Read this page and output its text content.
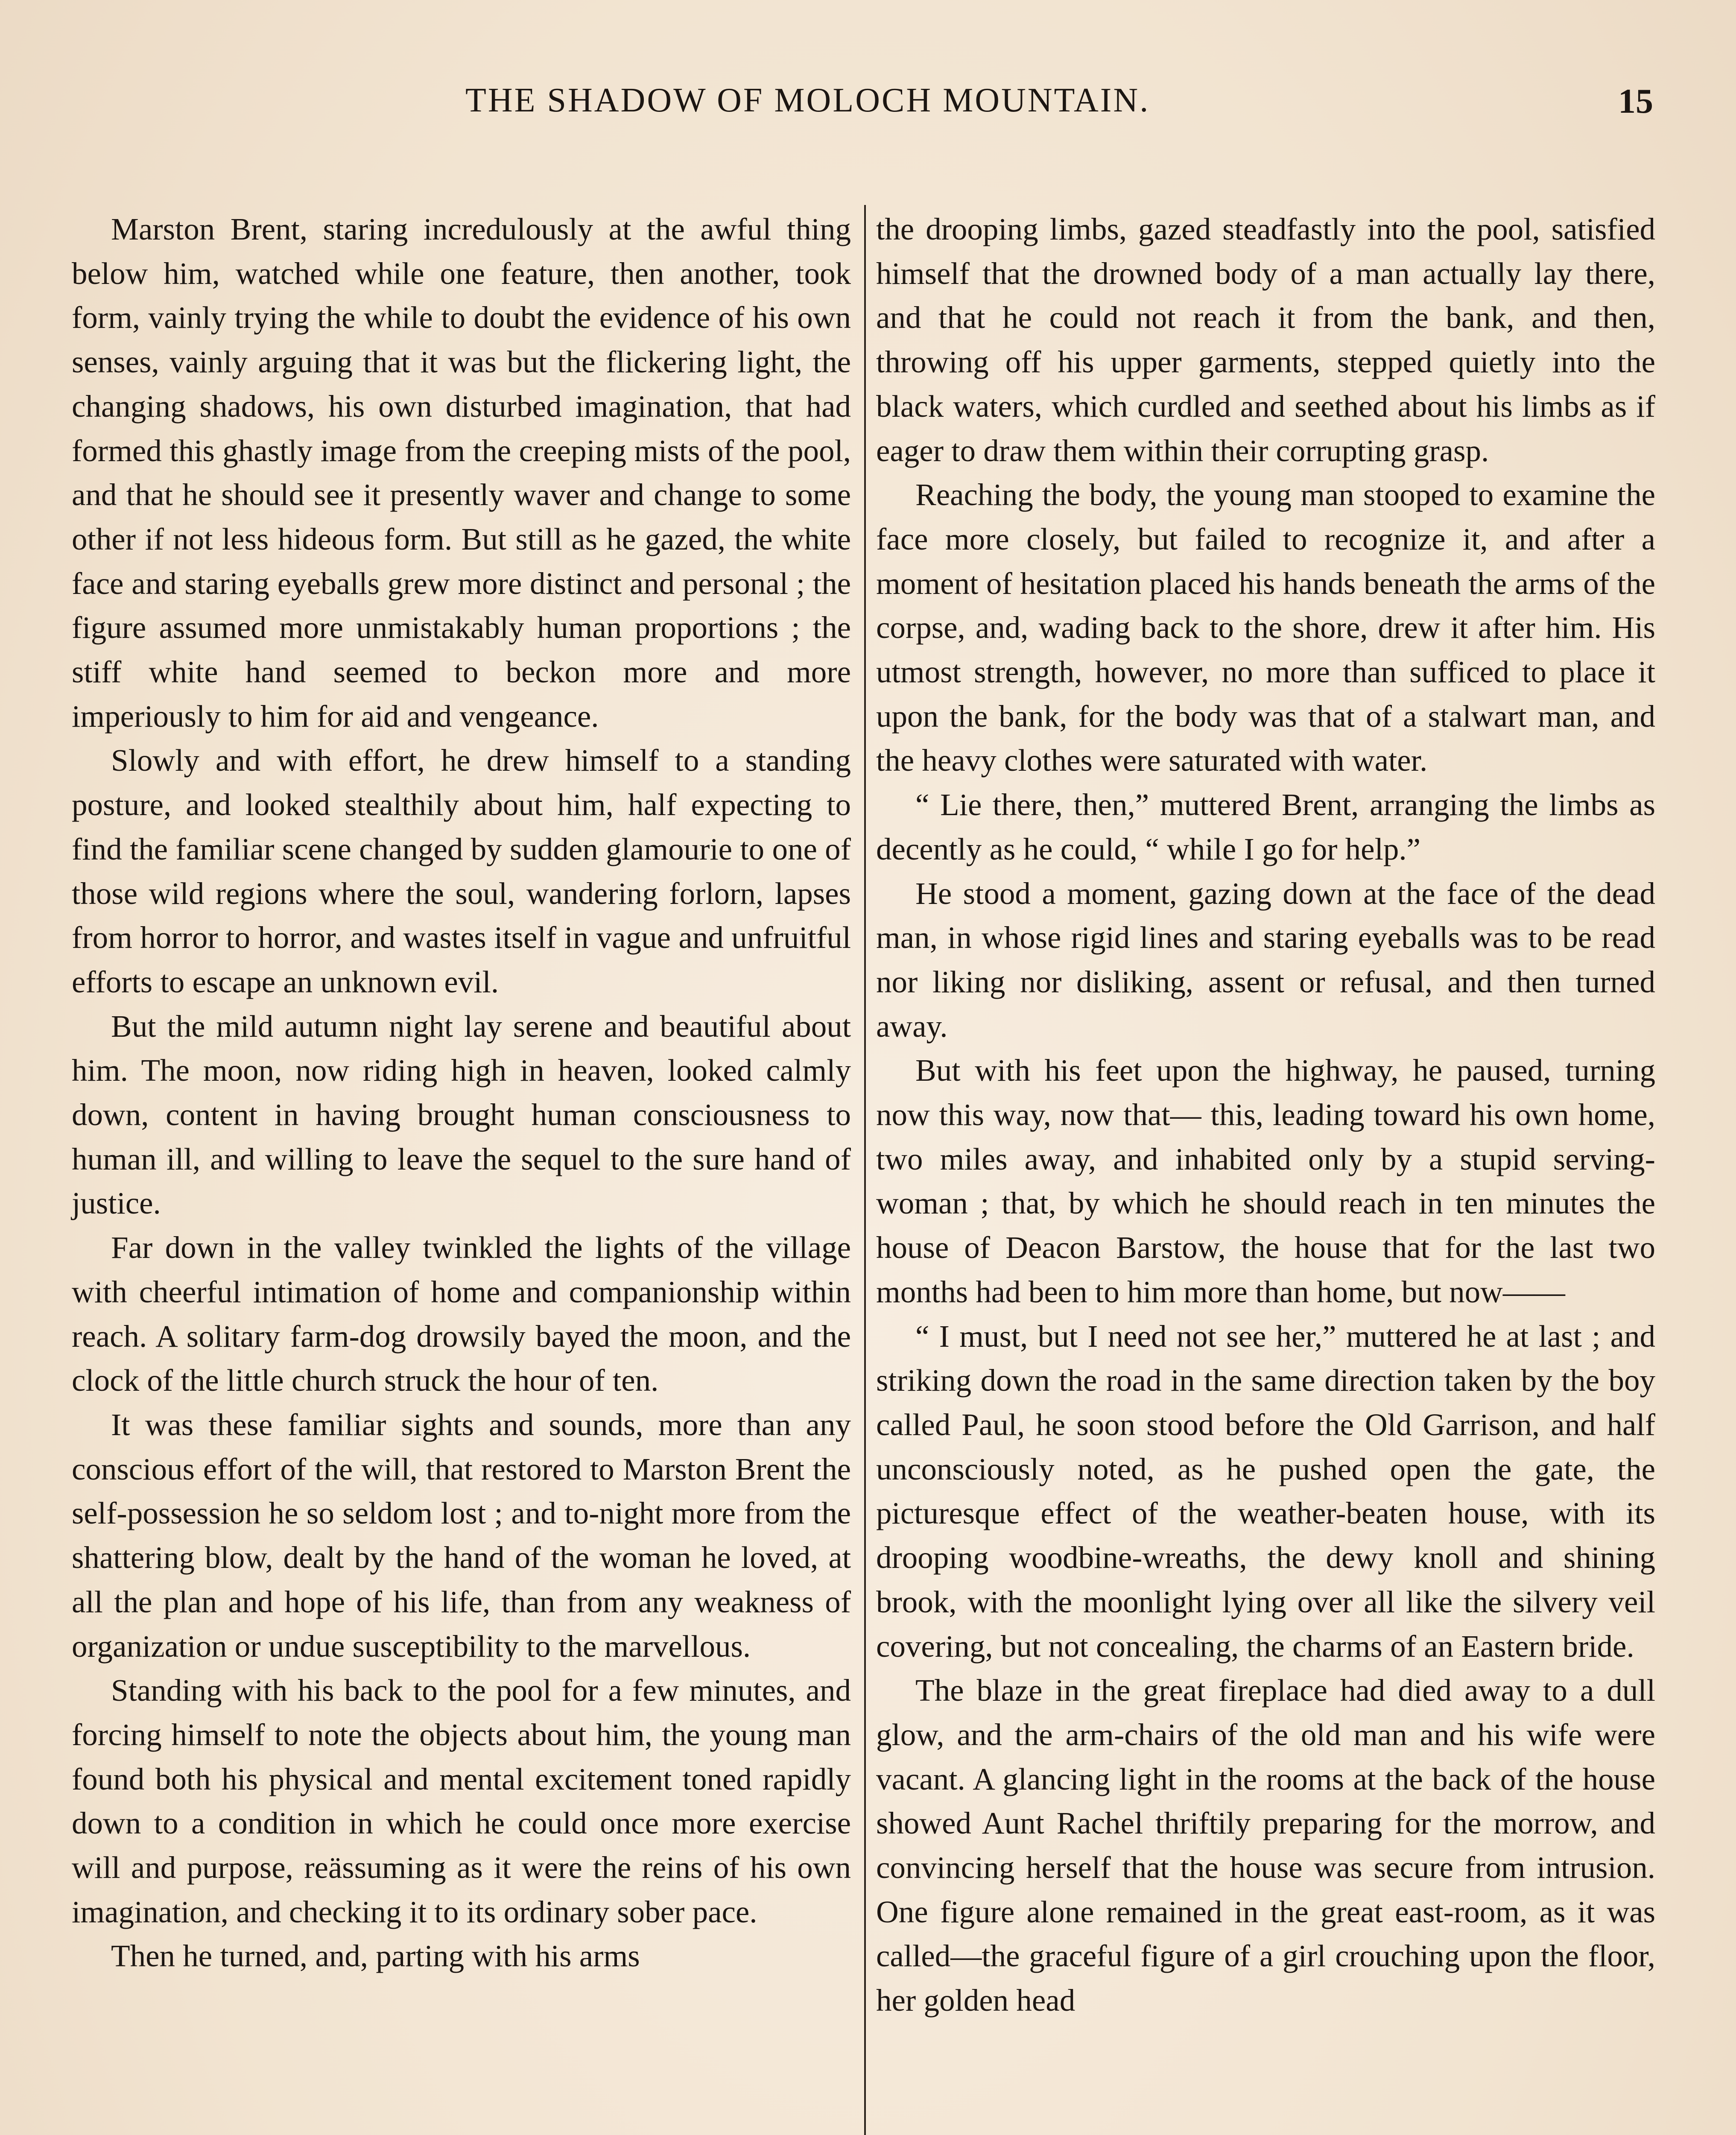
THE SHADOW OF MOLOCH MOUNTAIN.	15

Marston Brent, staring incredulously at the awful thing below him, watched while one feature, then another, took form, vainly trying the while to doubt the evidence of his own senses, vainly arguing that it was but the flickering light, the changing shadows, his own disturbed imagination, that had formed this ghastly image from the creeping mists of the pool, and that he should see it presently waver and change to some other if not less hideous form. But still as he gazed, the white face and staring eyeballs grew more distinct and personal ; the figure assumed more unmistakably human proportions ; the stiff white hand seemed to beckon more and more imperiously to him for aid and vengeance.

Slowly and with effort, he drew himself to a standing posture, and looked stealthily about him, half expecting to find the familiar scene changed by sudden glamourie to one of those wild regions where the soul, wandering forlorn, lapses from horror to horror, and wastes itself in vague and unfruitful efforts to escape an unknown evil.

But the mild autumn night lay serene and beautiful about him. The moon, now riding high in heaven, looked calmly down, content in having brought human consciousness to human ill, and willing to leave the sequel to the sure hand of justice.

Far down in the valley twinkled the lights of the village with cheerful intimation of home and companionship within reach. A solitary farm-dog drowsily bayed the moon, and the clock of the little church struck the hour of ten.

It was these familiar sights and sounds, more than any conscious effort of the will, that restored to Marston Brent the self-possession he so seldom lost ; and to-night more from the shattering blow, dealt by the hand of the woman he loved, at all the plan and hope of his life, than from any weakness of organization or undue susceptibility to the marvellous.

Standing with his back to the pool for a few minutes, and forcing himself to note the objects about him, the young man found both his physical and mental excitement toned rapidly down to a condition in which he could once more exercise will and purpose, reässuming as it were the reins of his own imagination, and checking it to its ordinary sober pace.

Then he turned, and, parting with his arms

the drooping limbs, gazed steadfastly into the pool, satisfied himself that the drowned body of a man actually lay there, and that he could not reach it from the bank, and then, throwing off his upper garments, stepped quietly into the black waters, which curdled and seethed about his limbs as if eager to draw them within their corrupting grasp.

Reaching the body, the young man stooped to examine the face more closely, but failed to recognize it, and after a moment of hesitation placed his hands beneath the arms of the corpse, and, wading back to the shore, drew it after him. His utmost strength, however, no more than sufficed to place it upon the bank, for the body was that of a stalwart man, and the heavy clothes were saturated with water.

“ Lie there, then,” muttered Brent, arranging the limbs as decently as he could, “ while I go for help.”

He stood a moment, gazing down at the face of the dead man, in whose rigid lines and staring eyeballs was to be read nor liking nor disliking, assent or refusal, and then turned away.

But with his feet upon the highway, he paused, turning now this way, now that— this, leading toward his own home, two miles away, and inhabited only by a stupid serving-woman ; that, by which he should reach in ten minutes the house of Deacon Barstow, the house that for the last two months had been to him more than home, but now——

“ I must, but I need not see her,” muttered he at last ; and striking down the road in the same direction taken by the boy called Paul, he soon stood before the Old Garrison, and half unconsciously noted, as he pushed open the gate, the picturesque effect of the weather-beaten house, with its drooping woodbine-wreaths, the dewy knoll and shining brook, with the moonlight lying over all like the silvery veil covering, but not concealing, the charms of an Eastern bride.

The blaze in the great fireplace had died away to a dull glow, and the arm-chairs of the old man and his wife were vacant. A glancing light in the rooms at the back of the house showed Aunt Rachel thriftily preparing for the morrow, and convincing herself that the house was secure from intrusion. One figure alone remained in the great east-room, as it was called—the graceful figure of a girl crouching upon the floor, her golden head
